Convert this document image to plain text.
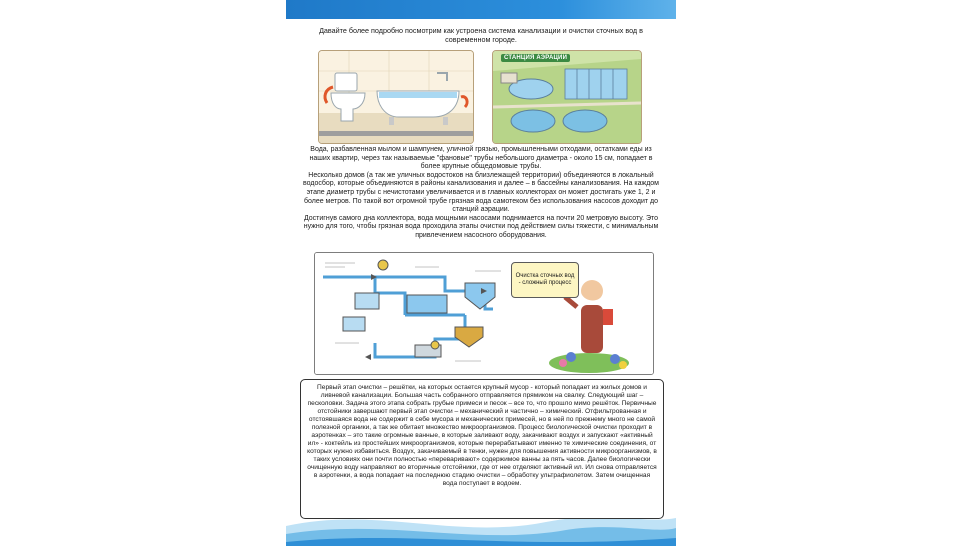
Давайте более подробно посмотрим как устроена система канализации и очистки сточных вод в современном городе.

СТАНЦИЯ АЭРАЦИИ

Вода, разбавленная мылом и шампунем, уличной грязью, промышленными отходами, остатками еды из наших квартир, через так называемые "фановые" трубы небольшого диаметра - около 15 см, попадает в более крупные общедомовые трубы.

Несколько домов (а так же уличных водостоков на близлежащей территории) объединяются в локальный водосбор, которые объединяются в районы канализования и далее – в бассейны канализования. На каждом этапе диаметр трубы с нечистотами увеличивается и в главных коллекторах он может достигать уже 1, 2 и более метров. По такой вот огромной трубе грязная вода самотеком без использования насосов доходит до станций аэрации.

Достигнув самого дна коллектора, вода мощными насосами поднимается на почти 20 метровую высоту. Это нужно для того, чтобы грязная вода проходила этапы очистки под действием силы тяжести, с минимальным привлечением насосного оборудования.

Очистка сточных вод - сложный процесс

Первый этап очистки – решётки, на которых остается крупный мусор - который попадает из жилых домов и ливневой канализации. Большая часть собранного отправляется прямиком на свалку. Следующий шаг – песколовки. Задача этого этапа собрать грубые примеси и песок – все то, что прошло мимо решёток. Первичные отстойники завершают первый этап очистки – механический и частично – химический. Отфильтрованная и отстоявшаяся вода не содержит в себе мусора и механических примесей, но в ней по прежнему много не самой полезной органики, а так же обитает множество микроорганизмов. Процесс биологической очистки проходит в аэротенках – это такие огромные ванные, в которые заливают воду, закачивают воздух и запускают «активный ил» - коктейль из простейших микроорганизмов, которые перерабатывают именно те химические соединения, от которых нужно избавиться. Воздух, закачиваемый в тенки, нужен для повышения активности микроорганизмов, в таких условиях они почти полностью «переваривают» содержимое ванны за пять часов. Далее биологически очищенную воду направляют во вторичные отстойники, где от нее отделяют активный ил. Ил снова отправляется в аэротенки, а вода попадает на последнюю стадию очистки – обработку ультрафиолетом. Затем очищенная вода поступает в водоем.
